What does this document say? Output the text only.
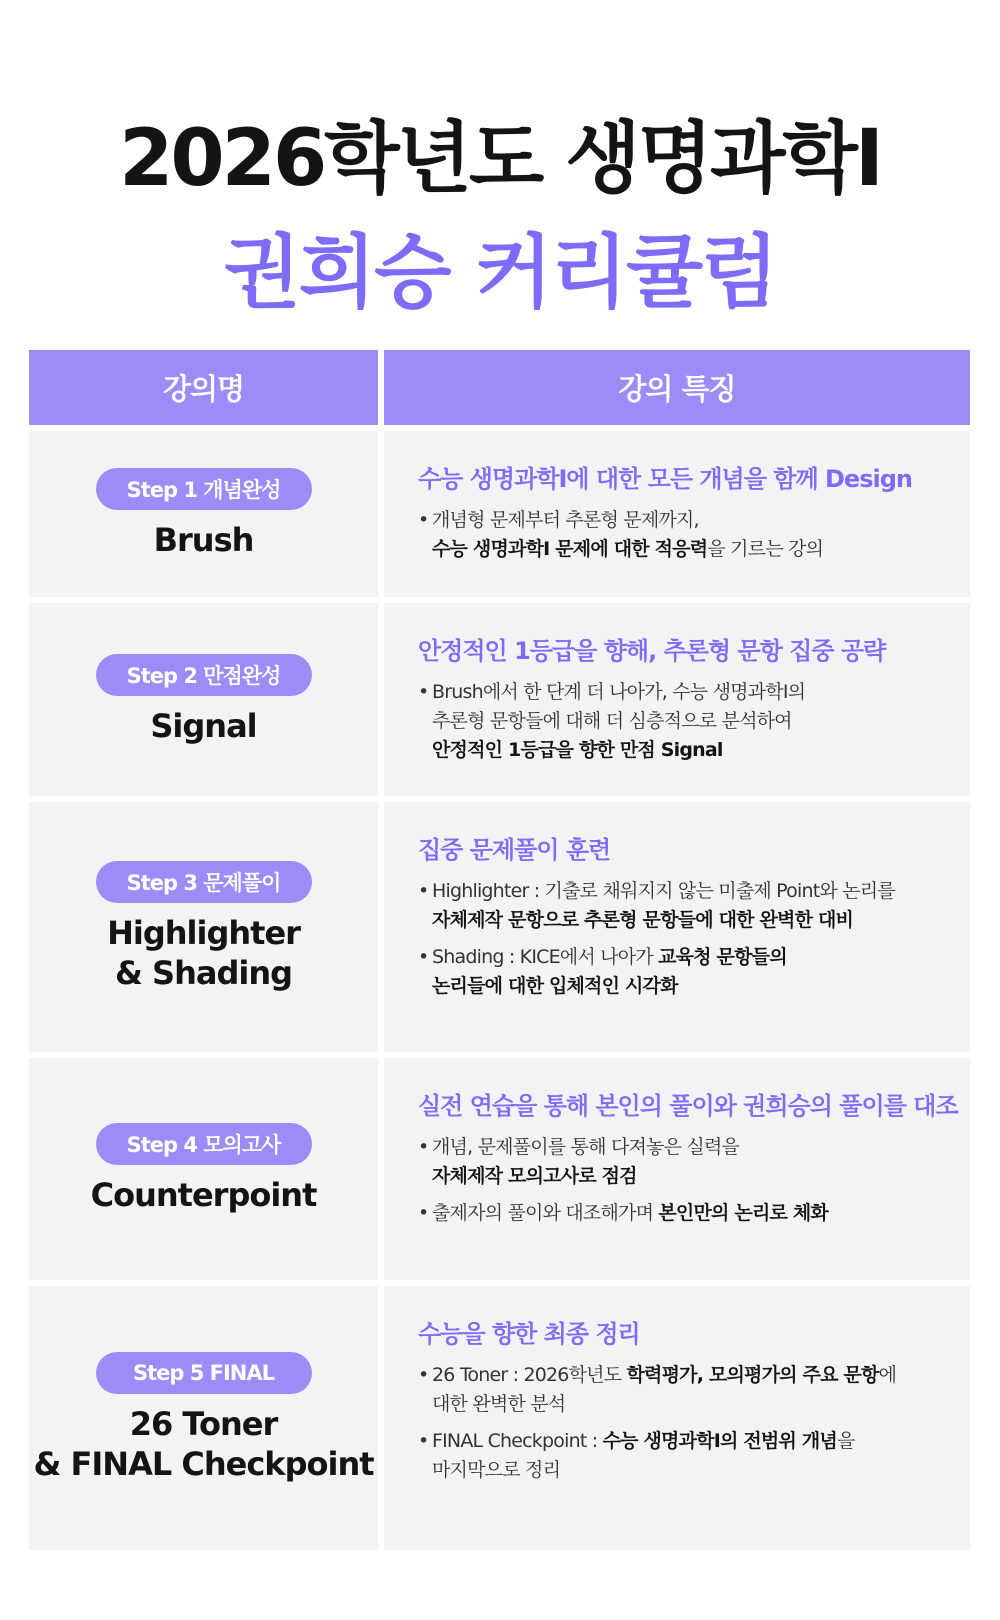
2026학년도 생명과학I
권희승 커리큘럼
강의명	강의 특징
Step 1 개념완성
Brush
수능 생명과학I에 대한 모든 개념을 함께 Design
• 개념형 문제부터 추론형 문제까지,
수능 생명과학I 문제에 대한 적응력을 기르는 강의
Step 2 만점완성
Signal
안정적인 1등급을 향해, 추론형 문항 집중 공략
• Brush에서 한 단계 더 나아가, 수능 생명과학I의
추론형 문항들에 대해 더 심층적으로 분석하여
안정적인 1등급을 향한 만점 Signal
Step 3 문제풀이
Highlighter
& Shading
집중 문제풀이 훈련
• Highlighter : 기출로 채워지지 않는 미출제 Point와 논리를
자체제작 문항으로 추론형 문항들에 대한 완벽한 대비
• Shading : KICE에서 나아가 교육청 문항들의
논리들에 대한 입체적인 시각화
Step 4 모의고사
Counterpoint
실전 연습을 통해 본인의 풀이와 권희승의 풀이를 대조
• 개념, 문제풀이를 통해 다져놓은 실력을
자체제작 모의고사로 점검
• 출제자의 풀이와 대조해가며 본인만의 논리로 체화
Step 5 FINAL
26 Toner
& FINAL Checkpoint
수능을 향한 최종 정리
• 26 Toner : 2026학년도 학력평가, 모의평가의 주요 문항에
대한 완벽한 분석
• FINAL Checkpoint : 수능 생명과학I의 전범위 개념을
마지막으로 정리
